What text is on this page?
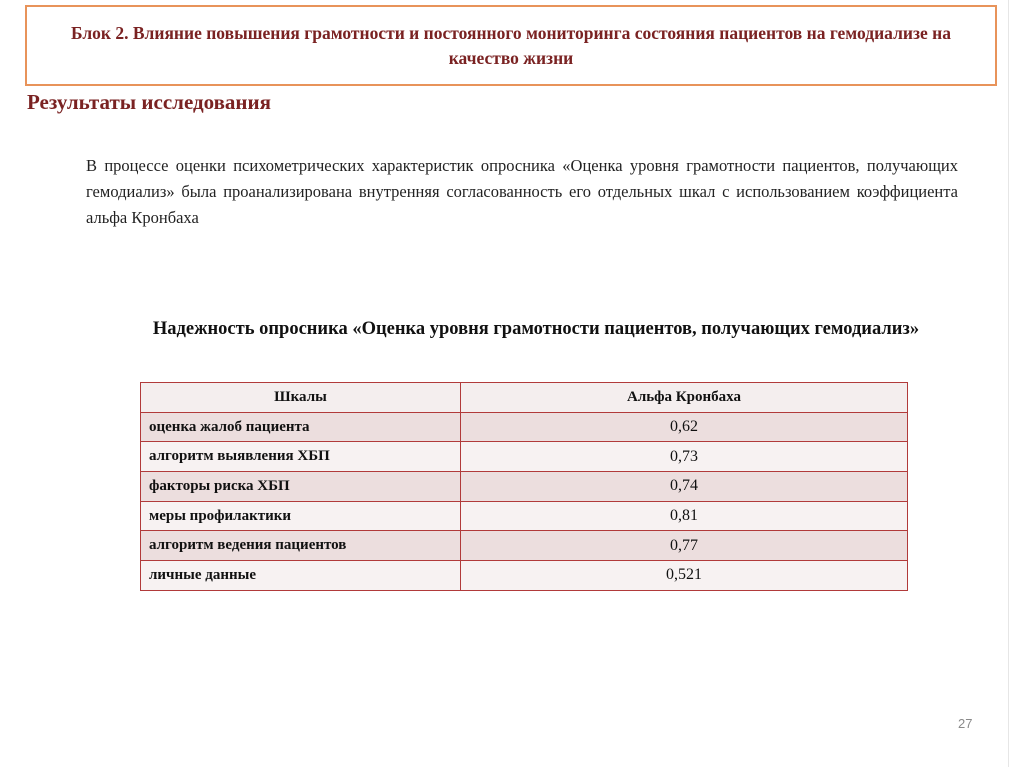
Блок 2. Влияние повышения грамотности и постоянного мониторинга состояния пациентов на гемодиализе на качество жизни
Результаты исследования
В процессе оценки психометрических характеристик опросника «Оценка уровня грамотности пациентов, получающих гемодиализ» была проанализирована внутренняя согласованность его отдельных шкал с использованием коэффициента альфа Кронбаха
Надежность опросника «Оценка уровня грамотности пациентов, получающих гемодиализ»
Шкалы	Альфа Кронбаха
оценка жалоб пациента	0,62
алгоритм выявления ХБП	0,73
факторы риска ХБП	0,74
меры профилактики	0,81
алгоритм ведения пациентов	0,77
личные данные	0,521
27
